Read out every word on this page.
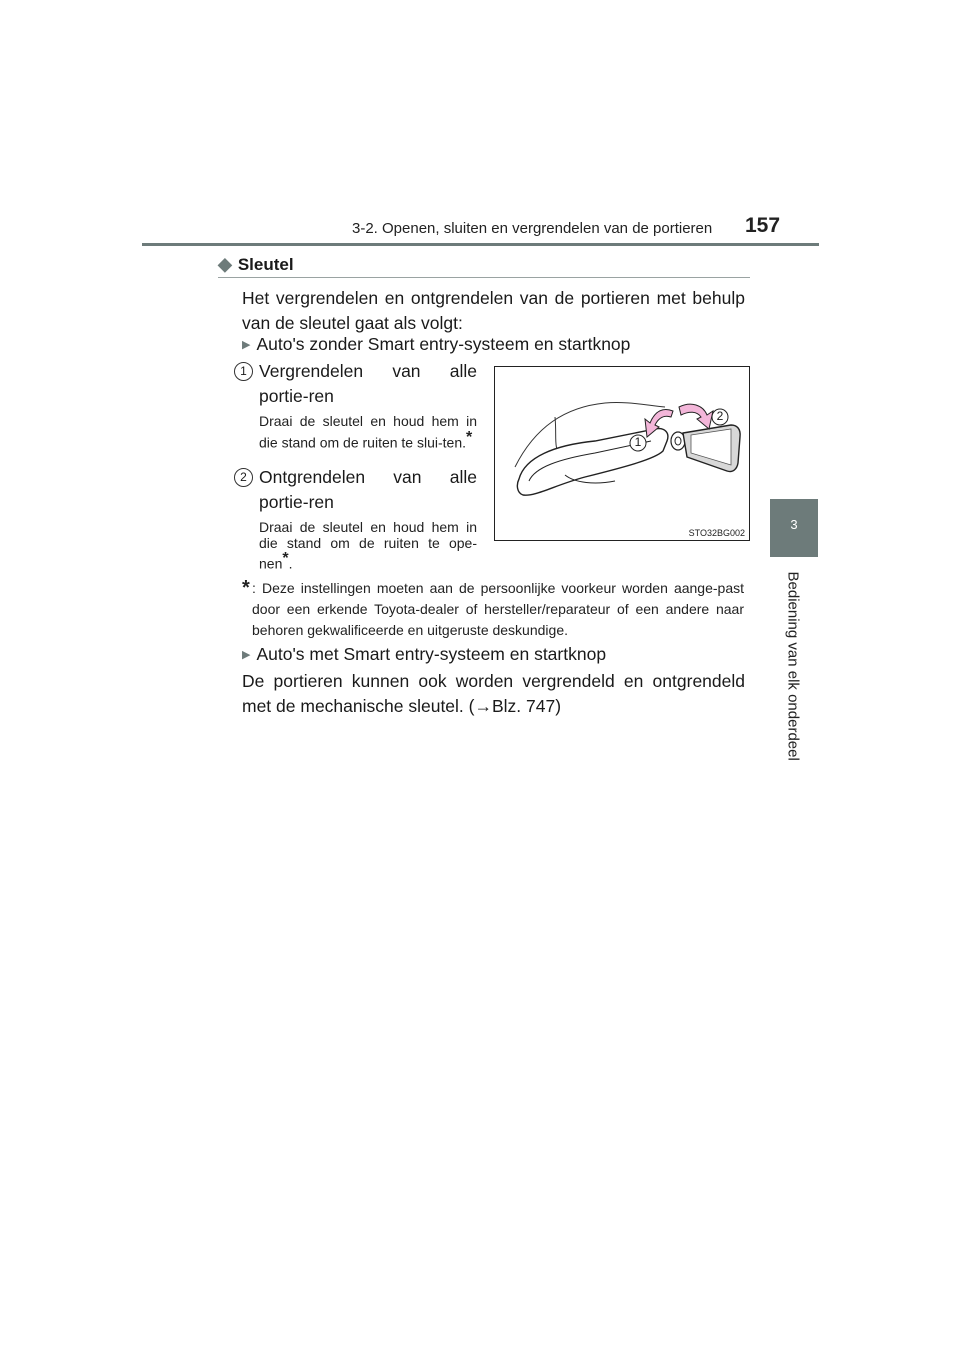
3-2. Openen, sluiten en vergrendelen van de portieren 157
3
Bediening van elk onderdeel
◆ Sleutel
Het vergrendelen en ontgrendelen van de portieren met behulp van de sleutel gaat als volgt:
▶ Auto's zonder Smart entry-systeem en startknop
1 Vergrendelen van alle portie-ren
Draai de sleutel en houd hem in die stand om de ruiten te slui-ten.*
2 Ontgrendelen van alle portie-ren
Draai de sleutel en houd hem in die stand om de ruiten te ope-nen*.
1
2
STO32BG002
* : Deze instellingen moeten aan de persoonlijke voorkeur worden aange-past door een erkende Toyota-dealer of hersteller/reparateur of een andere naar behoren gekwalificeerde en uitgeruste deskundige.
▶ Auto's met Smart entry-systeem en startknop
De portieren kunnen ook worden vergrendeld en ontgrendeld met de mechanische sleutel. (→Blz. 747)
